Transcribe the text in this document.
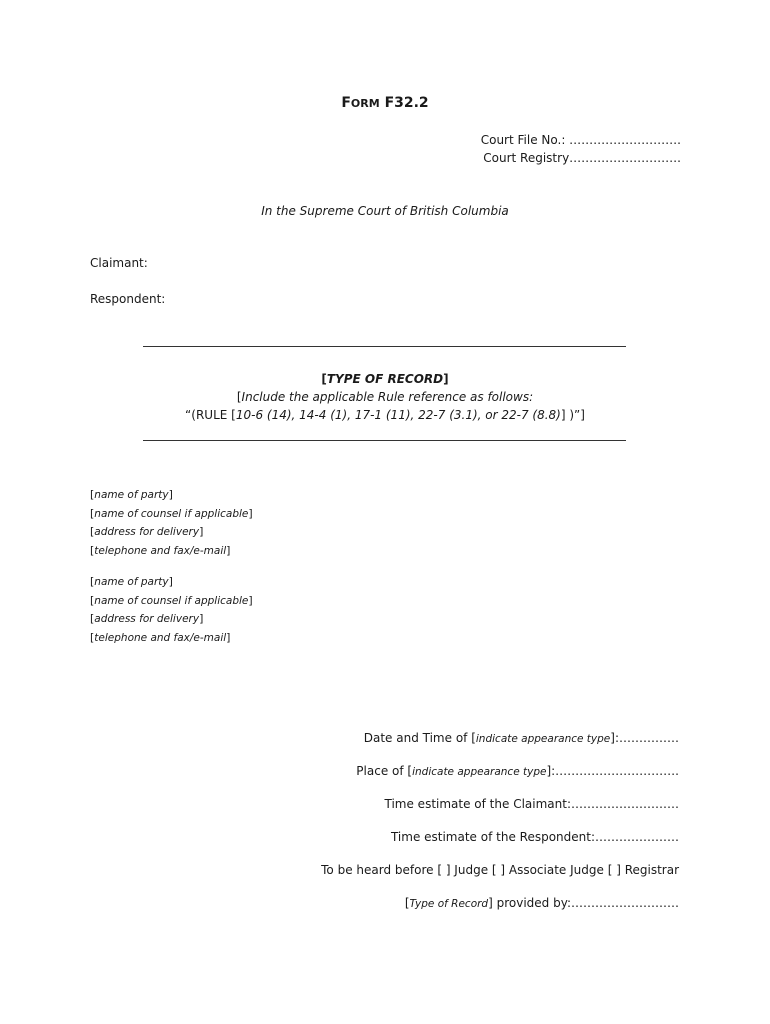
FORM F32.2
Court File No.: ……………………….
Court Registry……………………….
In the Supreme Court of British Columbia
Claimant:
Respondent:
[TYPE OF RECORD]
[Include the applicable Rule reference as follows:
“(RULE [10-6 (14), 14-4 (1), 17-1 (11), 22-7 (3.1), or 22-7 (8.8)] )”]
[name of party]
[name of counsel if applicable]
[address for delivery]
[telephone and fax/e-mail]
[name of party]
[name of counsel if applicable]
[address for delivery]
[telephone and fax/e-mail]
Date and Time of [indicate appearance type]:……………
Place of [indicate appearance type]:………………………….
Time estimate of the Claimant:………………………
Time estimate of the Respondent:…………………
To be heard before [ ] Judge [ ] Associate Judge [ ] Registrar
[Type of Record] provided by:………………………
